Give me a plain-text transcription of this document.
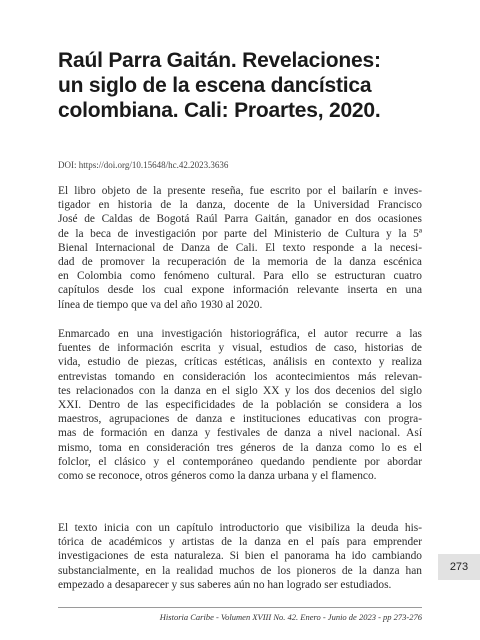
Raúl Parra Gaitán. Revelaciones:
un siglo de la escena dancística
colombiana. Cali: Proartes, 2020.
DOI: https://doi.org/10.15648/hc.42.2023.3636
El libro objeto de la presente reseña, fue escrito por el bailarín e inves-
tigador en historia de la danza, docente de la Universidad Francisco
José de Caldas de Bogotá Raúl Parra Gaitán, ganador en dos ocasiones
de la beca de investigación por parte del Ministerio de Cultura y la 5ª
Bienal Internacional de Danza de Cali. El texto responde a la necesi-
dad de promover la recuperación de la memoria de la danza escénica
en Colombia como fenómeno cultural. Para ello se estructuran cuatro
capítulos desde los cual expone información relevante inserta en una
línea de tiempo que va del año 1930 al 2020.
Enmarcado en una investigación historiográfica, el autor recurre a las
fuentes de información escrita y visual, estudios de caso, historias de
vida, estudio de piezas, críticas estéticas, análisis en contexto y realiza
entrevistas tomando en consideración los acontecimientos más relevan-
tes relacionados con la danza en el siglo XX y los dos decenios del siglo
XXI. Dentro de las especificidades de la población se considera a los
maestros, agrupaciones de danza e instituciones educativas con progra-
mas de formación en danza y festivales de danza a nivel nacional. Así
mismo, toma en consideración tres géneros de la danza como lo es el
folclor, el clásico y el contemporáneo quedando pendiente por abordar
como se reconoce, otros géneros como la danza urbana y el flamenco.
El texto inicia con un capítulo introductorio que visibiliza la deuda his-
tórica de académicos y artistas de la danza en el país para emprender
investigaciones de esta naturaleza. Si bien el panorama ha ido cambiando
substancialmente, en la realidad muchos de los pioneros de la danza han
empezado a desaparecer y sus saberes aún no han logrado ser estudiados.
273
Historia Caribe - Volumen XVIII No. 42. Enero - Junio de 2023 - pp 273-276
